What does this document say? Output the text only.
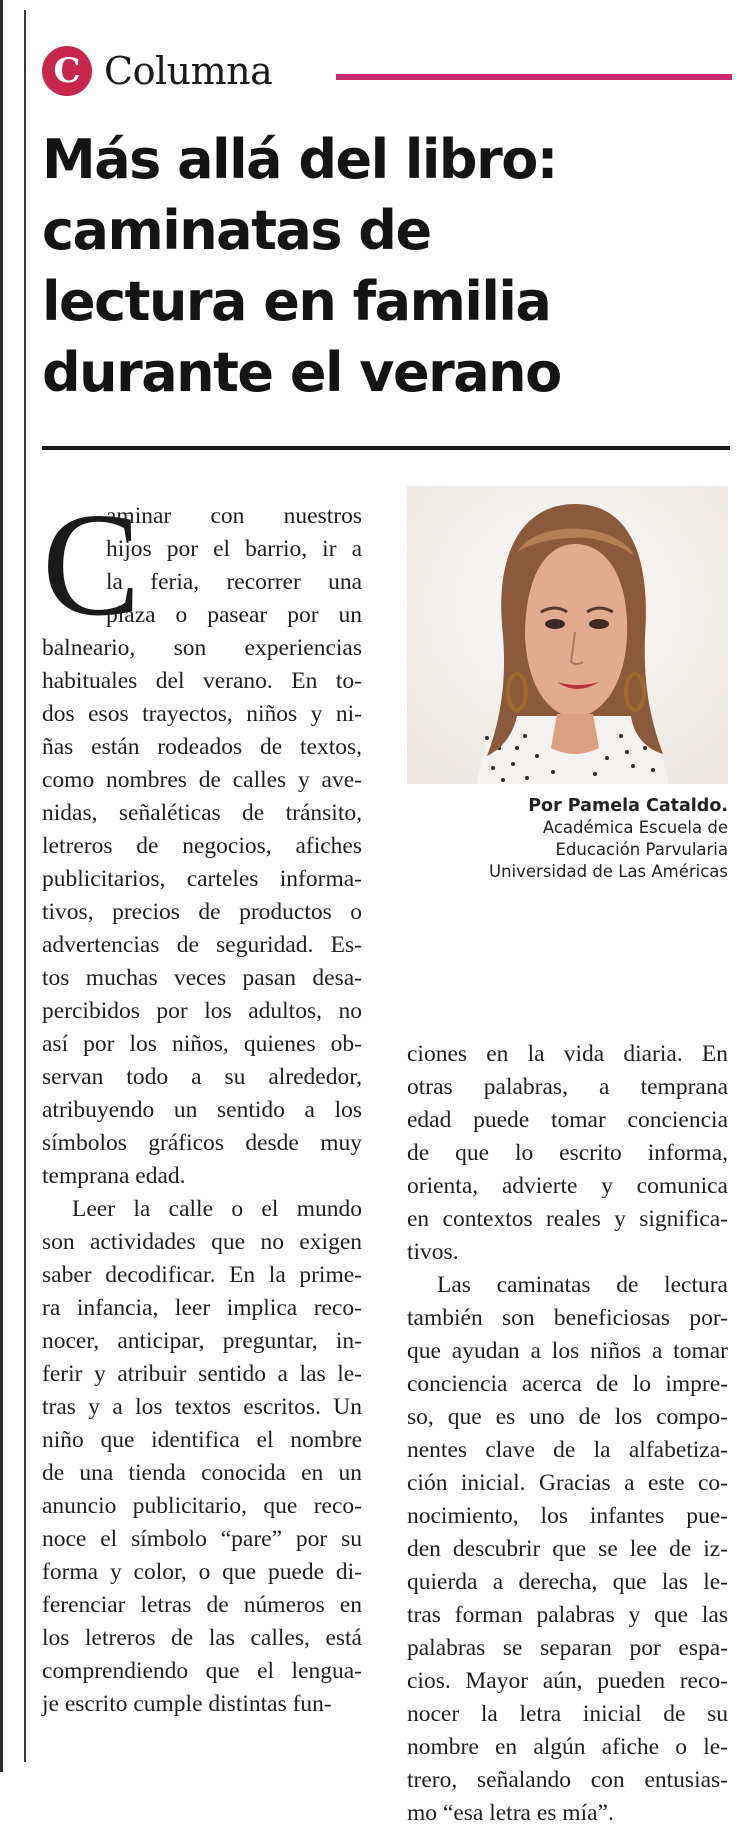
C Columna
Más allá del libro:
caminatas de
lectura en familia
durante el verano
C
aminar con nuestros
hijos por el barrio, ir a
la feria, recorrer una
plaza o pasear por un
balneario, son experiencias
habituales del verano. En to-
dos esos trayectos, niños y ni-
ñas están rodeados de textos,
como nombres de calles y ave-
nidas, señaléticas de tránsito,
letreros de negocios, afiches
publicitarios, carteles informa-
tivos, precios de productos o
advertencias de seguridad. Es-
tos muchas veces pasan desa-
percibidos por los adultos, no
así por los niños, quienes ob-
servan todo a su alrededor,
atribuyendo un sentido a los
símbolos gráficos desde muy
temprana edad.
Leer la calle o el mundo
son actividades que no exigen
saber decodificar. En la prime-
ra infancia, leer implica reco-
nocer, anticipar, preguntar, in-
ferir y atribuir sentido a las le-
tras y a los textos escritos. Un
niño que identifica el nombre
de una tienda conocida en un
anuncio publicitario, que reco-
noce el símbolo “pare” por su
forma y color, o que puede di-
ferenciar letras de números en
los letreros de las calles, está
comprendiendo que el lengua-
je escrito cumple distintas fun-
Por Pamela Cataldo.
Académica Escuela de
Educación Parvularia
Universidad de Las Américas
ciones en la vida diaria. En
otras palabras, a temprana
edad puede tomar conciencia
de que lo escrito informa,
orienta, advierte y comunica
en contextos reales y significa-
tivos.
Las caminatas de lectura
también son beneficiosas por-
que ayudan a los niños a tomar
conciencia acerca de lo impre-
so, que es uno de los compo-
nentes clave de la alfabetiza-
ción inicial. Gracias a este co-
nocimiento, los infantes pue-
den descubrir que se lee de iz-
quierda a derecha, que las le-
tras forman palabras y que las
palabras se separan por espa-
cios. Mayor aún, pueden reco-
nocer la letra inicial de su
nombre en algún afiche o le-
trero, señalando con entusias-
mo “esa letra es mía”.
